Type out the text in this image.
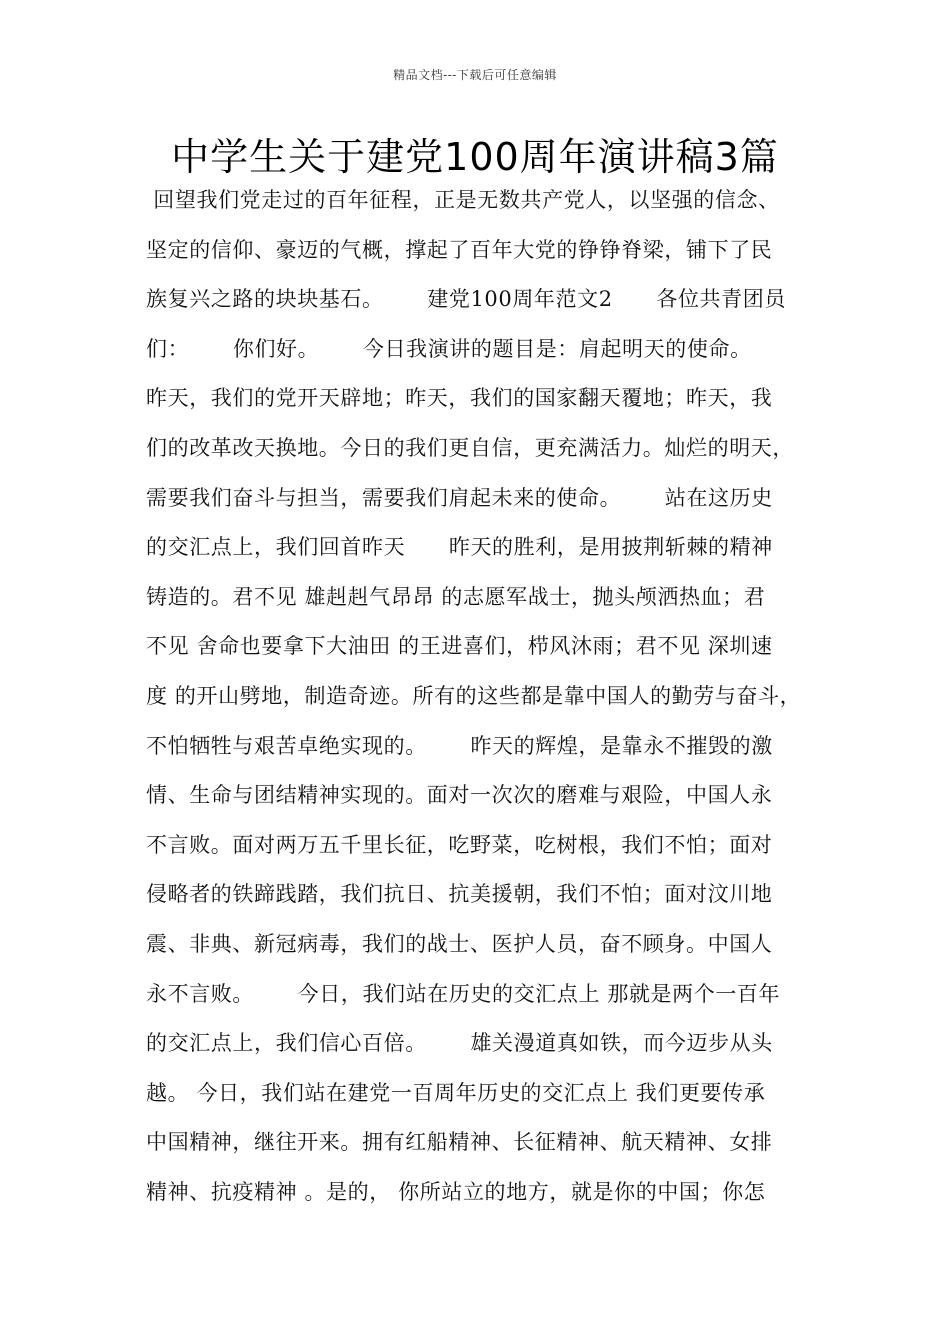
精品文档---下载后可任意编辑
中学生关于建党100周年演讲稿3篇
回望我们党走过的百年征程，正是无数共产党人，以坚强的信念、
坚定的信仰、豪迈的气概，撑起了百年大党的铮铮脊梁，铺下了民
族复兴之路的块块基石。      建党100周年范文2      各位共青团员
们：      你们好。      今日我演讲的题目是：肩起明天的使命。
昨天，我们的党开天辟地；昨天，我们的国家翻天覆地；昨天，我
们的改革改天换地。今日的我们更自信，更充满活力。灿烂的明天，
需要我们奋斗与担当，需要我们肩起未来的使命。      站在这历史
的交汇点上，我们回首昨天      昨天的胜利，是用披荆斩棘的精神
铸造的。君不见 雄赳赳气昂昂 的志愿军战士，抛头颅洒热血；君
不见 舍命也要拿下大油田 的王进喜们，栉风沐雨；君不见 深圳速
度 的开山劈地，制造奇迹。所有的这些都是靠中国人的勤劳与奋斗，
不怕牺牲与艰苦卓绝实现的。      昨天的辉煌，是靠永不摧毁的激
情、生命与团结精神实现的。面对一次次的磨难与艰险，中国人永
不言败。面对两万五千里长征，吃野菜，吃树根，我们不怕；面对
侵略者的铁蹄践踏，我们抗日、抗美援朝，我们不怕；面对汶川地
震、非典、新冠病毒，我们的战士、医护人员，奋不顾身。中国人
永不言败。      今日，我们站在历史的交汇点上 那就是两个一百年
的交汇点上，我们信心百倍。      雄关漫道真如铁，而今迈步从头
越。 今日，我们站在建党一百周年历史的交汇点上 我们更要传承
中国精神，继往开来。拥有红船精神、长征精神、航天精神、女排
精神、抗疫精神 。是的， 你所站立的地方，就是你的中国；你怎
